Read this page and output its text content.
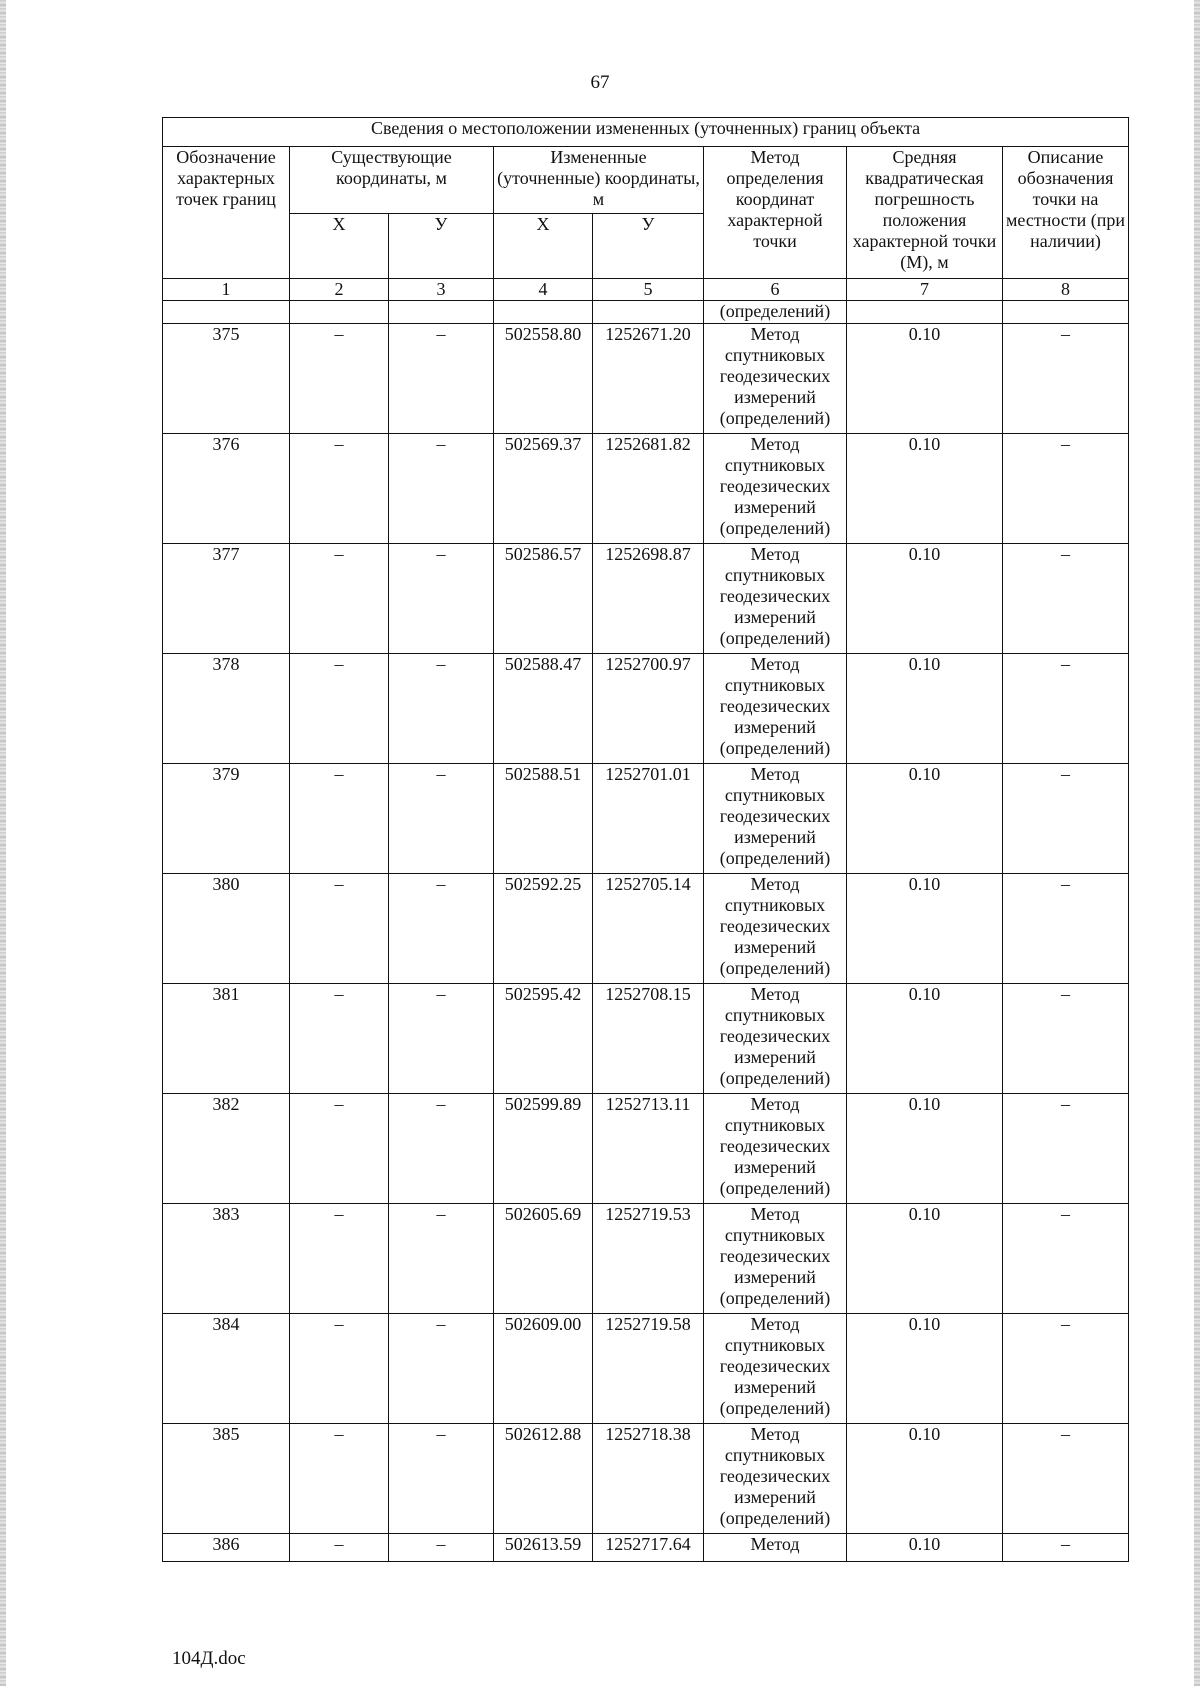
67
Сведения о местоположении измененных (уточненных) границ объекта							
Обозначение характерных точек границ	Существующие координаты, м		Измененные (уточненные) координаты, м		Метод определения координат характерной точки	Средняя квадратическая погрешность положения характерной точки (М), м	Описание обозначения точки на местности (при наличии)
	Х	У	Х	У			
1	2	3	4	5	6	7	8
					(определений)		
375	–	–	502558.80	1252671.20	Метод спутниковых геодезических измерений (определений)	0.10	–
376	–	–	502569.37	1252681.82	Метод спутниковых геодезических измерений (определений)	0.10	–
377	–	–	502586.57	1252698.87	Метод спутниковых геодезических измерений (определений)	0.10	–
378	–	–	502588.47	1252700.97	Метод спутниковых геодезических измерений (определений)	0.10	–
379	–	–	502588.51	1252701.01	Метод спутниковых геодезических измерений (определений)	0.10	–
380	–	–	502592.25	1252705.14	Метод спутниковых геодезических измерений (определений)	0.10	–
381	–	–	502595.42	1252708.15	Метод спутниковых геодезических измерений (определений)	0.10	–
382	–	–	502599.89	1252713.11	Метод спутниковых геодезических измерений (определений)	0.10	–
383	–	–	502605.69	1252719.53	Метод спутниковых геодезических измерений (определений)	0.10	–
384	–	–	502609.00	1252719.58	Метод спутниковых геодезических измерений (определений)	0.10	–
385	–	–	502612.88	1252718.38	Метод спутниковых геодезических измерений (определений)	0.10	–
386	–	–	502613.59	1252717.64	Метод	0.10	–
104Д.doc
